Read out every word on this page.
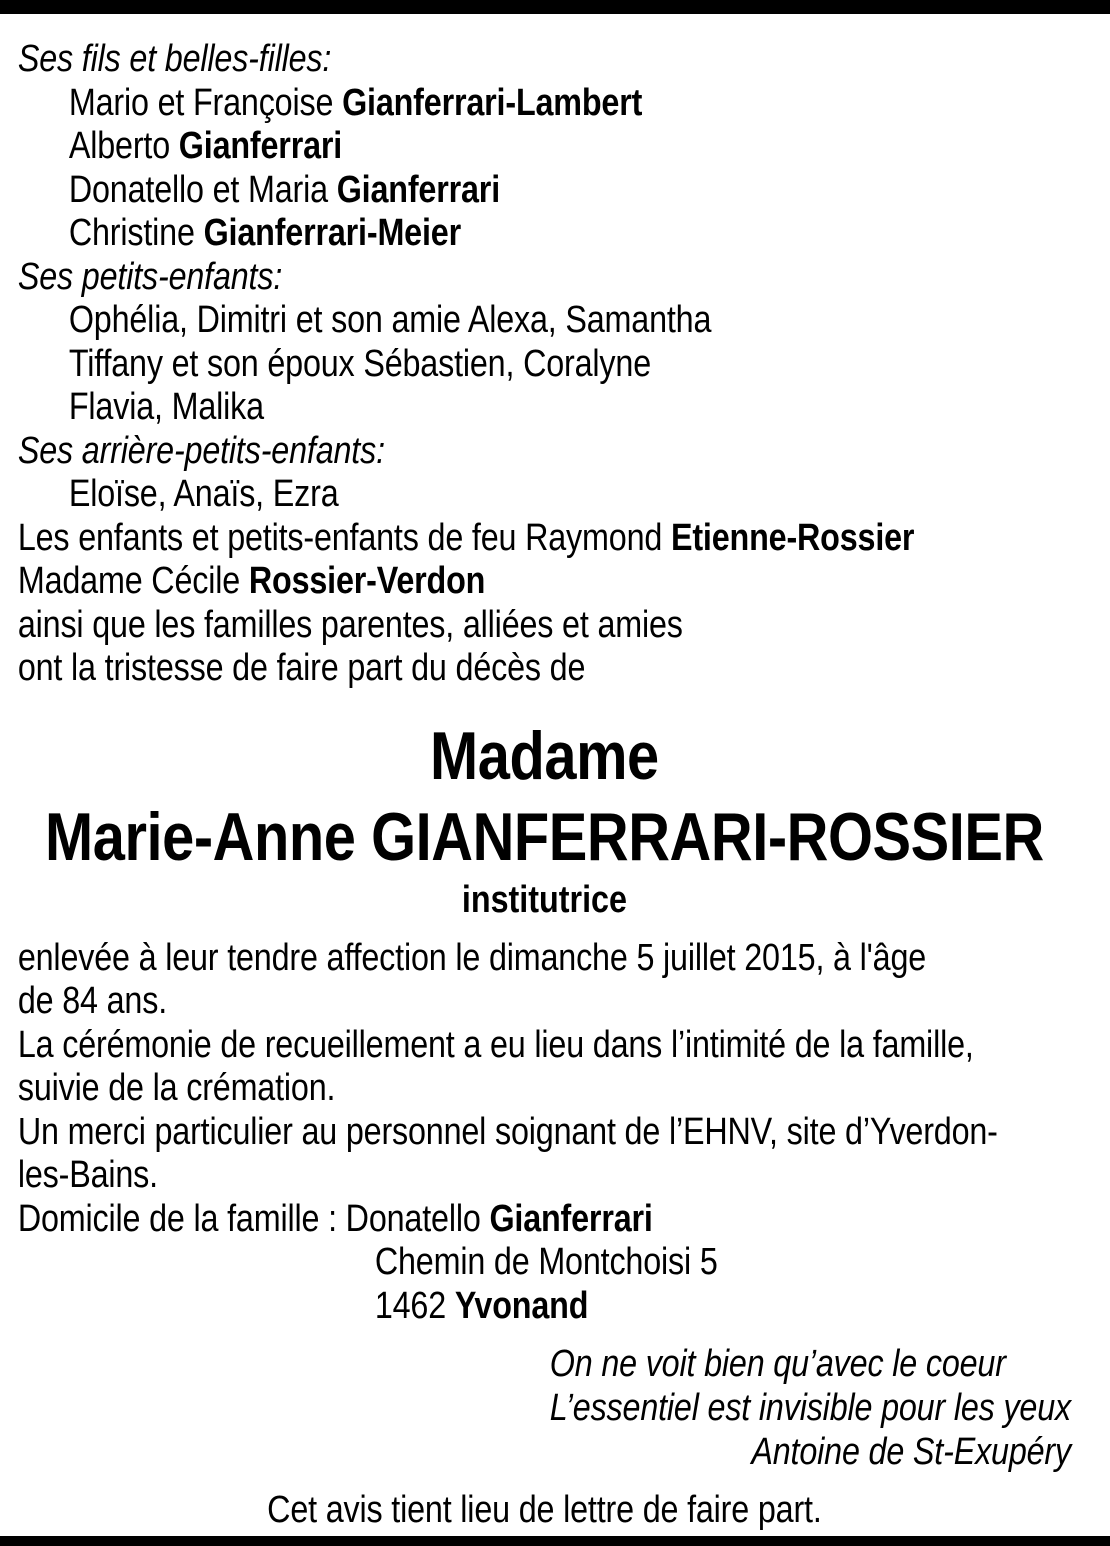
Ses fils et belles-filles:
Mario et Françoise Gianferrari-Lambert
Alberto Gianferrari
Donatello et Maria Gianferrari
Christine Gianferrari-Meier
Ses petits-enfants:
Ophélia, Dimitri et son amie Alexa, Samantha
Tiffany et son époux Sébastien, Coralyne
Flavia, Malika
Ses arrière-petits-enfants:
Eloïse, Anaïs, Ezra
Les enfants et petits-enfants de feu Raymond Etienne-Rossier
Madame Cécile Rossier-Verdon
ainsi que les familles parentes, alliées et amies
ont la tristesse de faire part du décès de
Madame
Marie-Anne GIANFERRARI-ROSSIER
institutrice
enlevée à leur tendre affection le dimanche 5 juillet 2015, à l'âge
de 84 ans.
La cérémonie de recueillement a eu lieu dans l’intimité de la famille,
suivie de la crémation.
Un merci particulier au personnel soignant de l’EHNV, site d’Yverdon-
les-Bains.
Domicile de la famille : Donatello Gianferrari
Chemin de Montchoisi 5
1462 Yvonand
On ne voit bien qu’avec le coeur
L’essentiel est invisible pour les yeux
Antoine de St-Exupéry
Cet avis tient lieu de lettre de faire part.
